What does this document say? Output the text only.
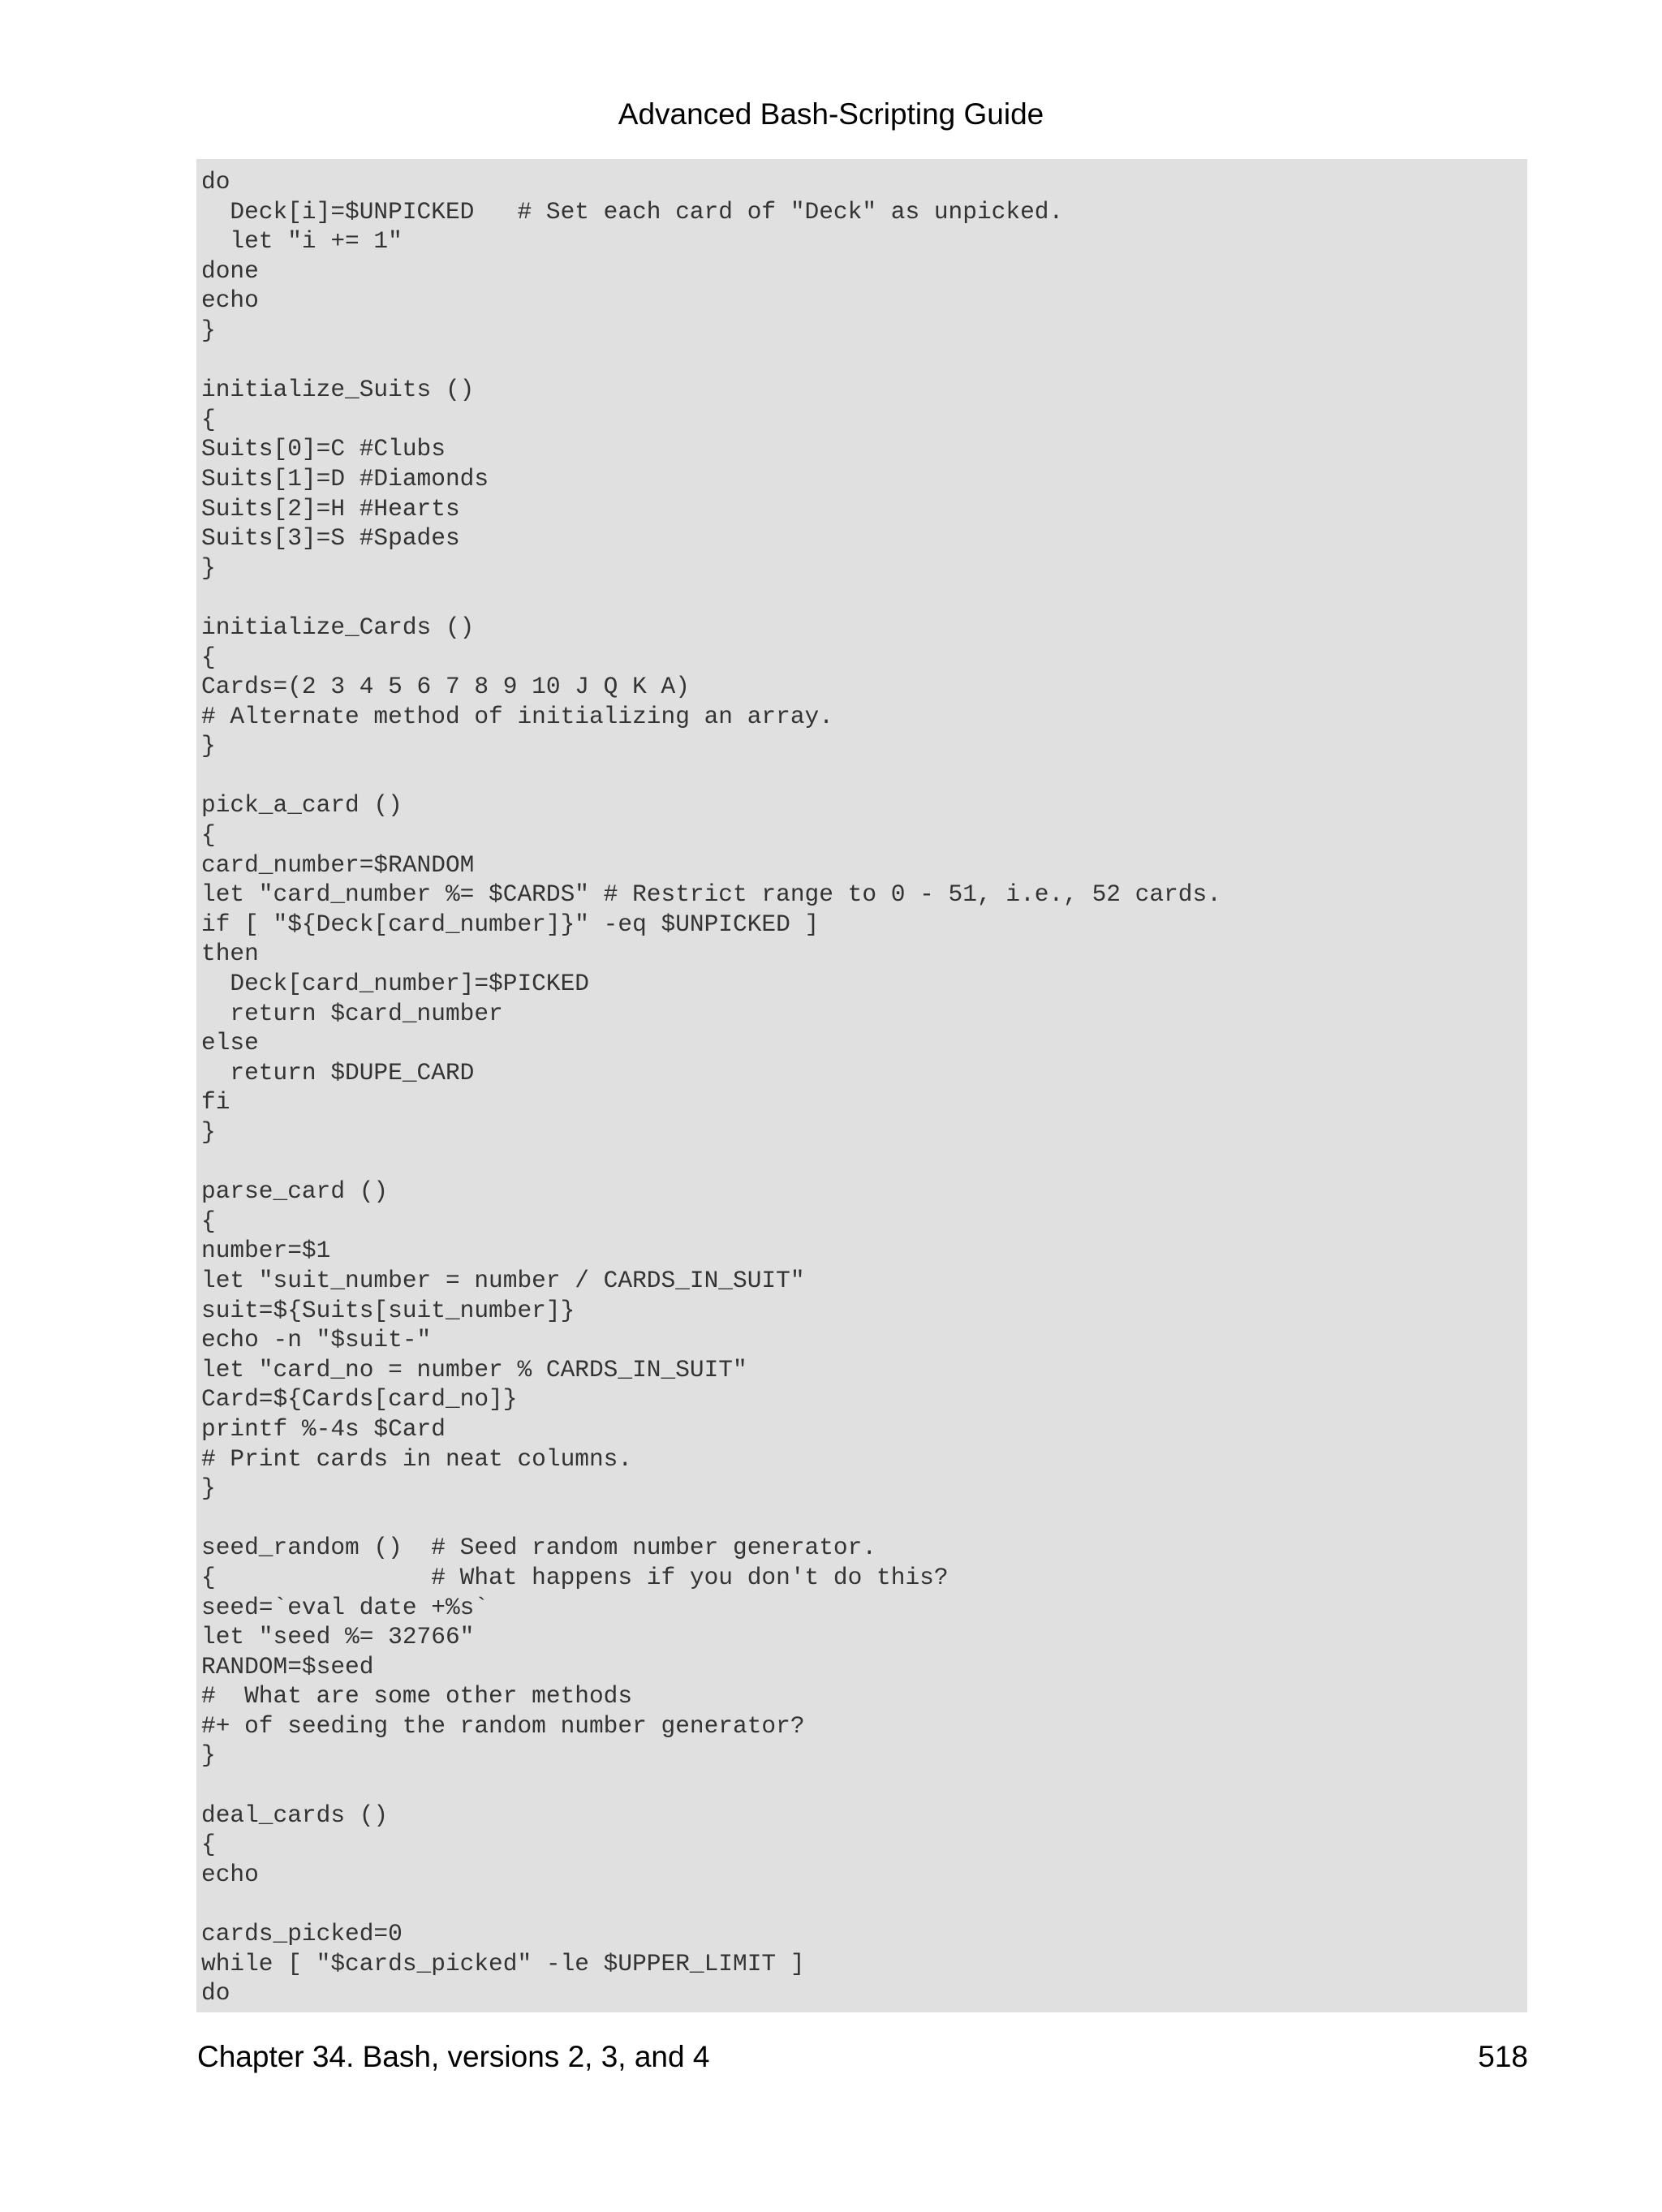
Advanced Bash-Scripting Guide
do
Deck[i]=$UNPICKED   # Set each card of "Deck" as unpicked.
let "i += 1"
done
echo
}
initialize_Suits ()
{
Suits[0]=C #Clubs
Suits[1]=D #Diamonds
Suits[2]=H #Hearts
Suits[3]=S #Spades
}
initialize_Cards ()
{
Cards=(2 3 4 5 6 7 8 9 10 J Q K A)
# Alternate method of initializing an array.
}
pick_a_card ()
{
card_number=$RANDOM
let "card_number %= $CARDS" # Restrict range to 0 - 51, i.e., 52 cards.
if [ "${Deck[card_number]}" -eq $UNPICKED ]
then
Deck[card_number]=$PICKED
return $card_number
else
return $DUPE_CARD
fi
}
parse_card ()
{
number=$1
let "suit_number = number / CARDS_IN_SUIT"
suit=${Suits[suit_number]}
echo -n "$suit-"
let "card_no = number % CARDS_IN_SUIT"
Card=${Cards[card_no]}
printf %-4s $Card
# Print cards in neat columns.
}
seed_random ()  # Seed random number generator.
{               # What happens if you don't do this?
seed=`eval date +%s`
let "seed %= 32766"
RANDOM=$seed
#  What are some other methods
#+ of seeding the random number generator?
}
deal_cards ()
{
echo
cards_picked=0
while [ "$cards_picked" -le $UPPER_LIMIT ]
do
Chapter 34. Bash, versions 2, 3, and 4	518
